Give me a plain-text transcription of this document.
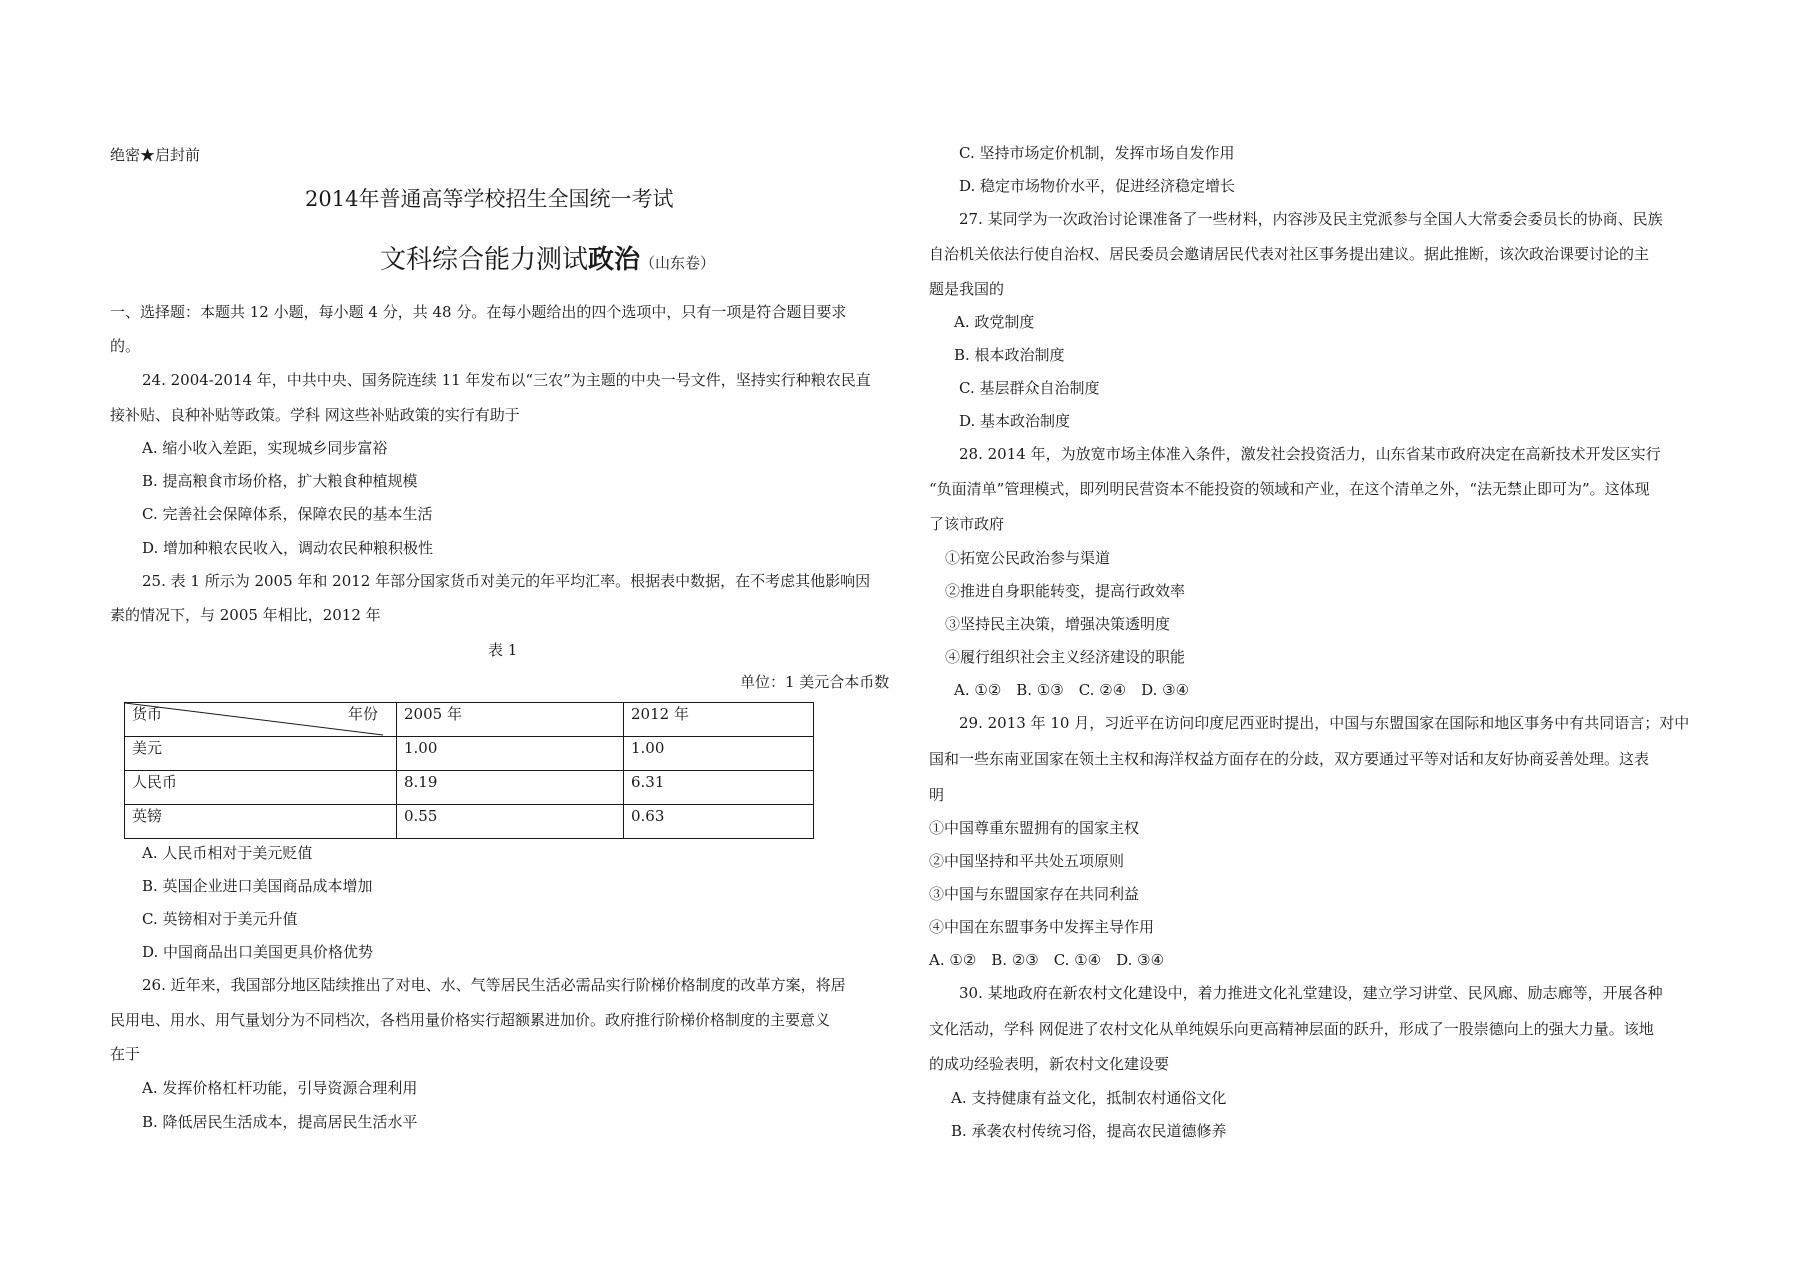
绝密★启封前
2014年普通高等学校招生全国统一考试
文科综合能力测试政治（山东卷）
一、选择题：本题共 12 小题，每小题 4 分，共 48 分。在每小题给出的四个选项中，只有一项是符合题目要求
的。
24. 2004-2014 年，中共中央、国务院连续 11 年发布以“三农”为主题的中央一号文件，坚持实行种粮农民直
接补贴、良种补贴等政策。学科 网这些补贴政策的实行有助于
A. 缩小收入差距，实现城乡同步富裕
B. 提高粮食市场价格，扩大粮食种植规模
C. 完善社会保障体系，保障农民的基本生活
D. 增加种粮农民收入，调动农民种粮积极性
25. 表 1 所示为 2005 年和 2012 年部分国家货币对美元的年平均汇率。根据表中数据，在不考虑其他影响因
素的情况下，与 2005 年相比，2012 年
表 1
单位：1 美元合本币数
货币 年份	2005 年	2012 年
美元	1.00	1.00
人民币	8.19	6.31
英镑	0.55	0.63
A. 人民币相对于美元贬值
B. 英国企业进口美国商品成本增加
C. 英镑相对于美元升值
D. 中国商品出口美国更具价格优势
26. 近年来，我国部分地区陆续推出了对电、水、气等居民生活必需品实行阶梯价格制度的改革方案，将居
民用电、用水、用气量划分为不同档次，各档用量价格实行超额累进加价。政府推行阶梯价格制度的主要意义
在于
A. 发挥价格杠杆功能，引导资源合理利用
B. 降低居民生活成本，提高居民生活水平
C. 坚持市场定价机制，发挥市场自发作用
D. 稳定市场物价水平，促进经济稳定增长
27. 某同学为一次政治讨论课准备了一些材料，内容涉及民主党派参与全国人大常委会委员长的协商、民族
自治机关依法行使自治权、居民委员会邀请居民代表对社区事务提出建议。据此推断，该次政治课要讨论的主
题是我国的
A. 政党制度
B. 根本政治制度
C. 基层群众自治制度
D. 基本政治制度
28. 2014 年，为放宽市场主体准入条件，激发社会投资活力，山东省某市政府决定在高新技术开发区实行
“负面清单”管理模式，即列明民营资本不能投资的领域和产业，在这个清单之外，“法无禁止即可为”。这体现
了该市政府
①拓宽公民政治参与渠道
②推进自身职能转变，提高行政效率
③坚持民主决策，增强决策透明度
④履行组织社会主义经济建设的职能
A. ①②　B. ①③　C. ②④　D. ③④
29. 2013 年 10 月，习近平在访问印度尼西亚时提出，中国与东盟国家在国际和地区事务中有共同语言；对中
国和一些东南亚国家在领土主权和海洋权益方面存在的分歧，双方要通过平等对话和友好协商妥善处理。这表
明
①中国尊重东盟拥有的国家主权
②中国坚持和平共处五项原则
③中国与东盟国家存在共同利益
④中国在东盟事务中发挥主导作用
A. ①②　B. ②③　C. ①④　D. ③④
30. 某地政府在新农村文化建设中，着力推进文化礼堂建设，建立学习讲堂、民风廊、励志廊等，开展各种
文化活动，学科 网促进了农村文化从单纯娱乐向更高精神层面的跃升，形成了一股崇德向上的强大力量。该地
的成功经验表明，新农村文化建设要
A. 支持健康有益文化，抵制农村通俗文化
B. 承袭农村传统习俗，提高农民道德修养
